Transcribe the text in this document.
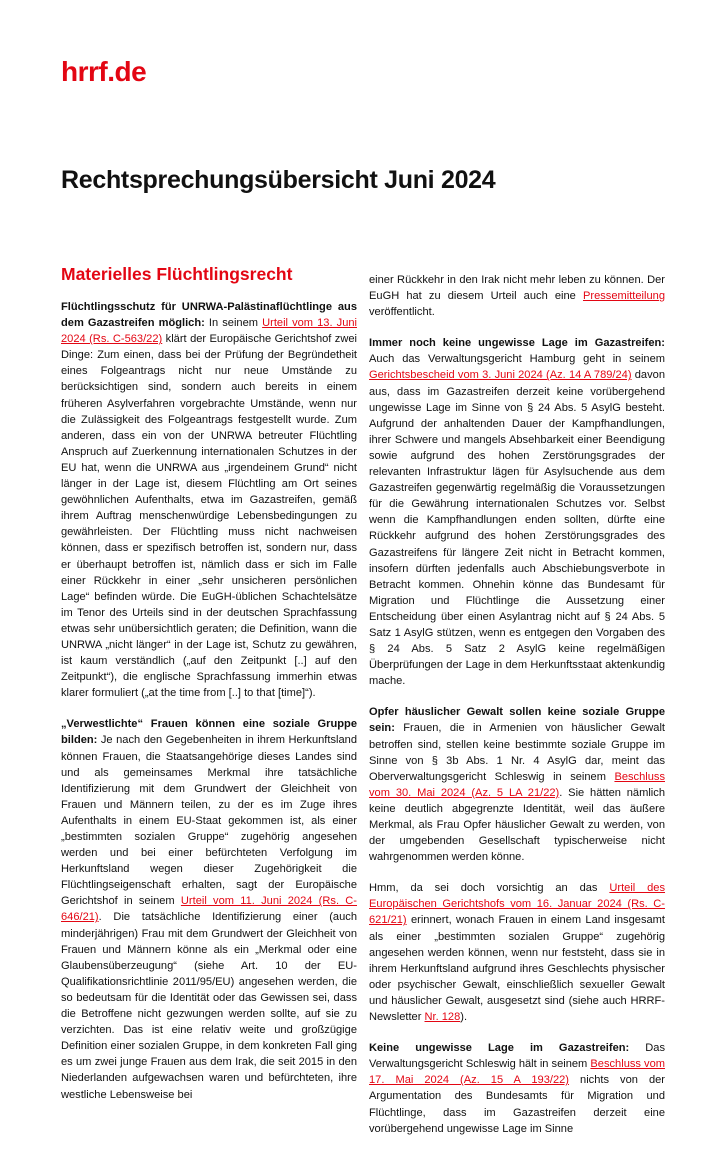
hrrf.de
Rechtsprechungsübersicht Juni 2024
Materielles Flüchtlingsrecht

Flüchtlingsschutz für UNRWA-Palästinaflüchtlinge aus dem Gazastreifen möglich: In seinem Urteil vom 13. Juni 2024 (Rs. C-563/22) klärt der Europäische Gerichtshof zwei Dinge: Zum einen, dass bei der Prüfung der Begründetheit eines Folgeantrags nicht nur neue Umstände zu berücksichtigen sind, sondern auch bereits in einem früheren Asylverfahren vorgebrachte Umstände, wenn nur die Zulässigkeit des Folgeantrags festgestellt wurde. Zum anderen, dass ein von der UNRWA betreuter Flüchtling Anspruch auf Zuerkennung internationalen Schutzes in der EU hat, wenn die UNRWA aus „irgendeinem Grund“ nicht länger in der Lage ist, diesem Flüchtling am Ort seines gewöhnlichen Aufenthalts, etwa im Gazastreifen, gemäß ihrem Auftrag menschenwürdige Lebensbedingungen zu gewährleisten. Der Flüchtling muss nicht nachweisen können, dass er spezifisch betroffen ist, sondern nur, dass er überhaupt betroffen ist, nämlich dass er sich im Falle einer Rückkehr in einer „sehr unsicheren persönlichen Lage“ befinden würde. Die EuGH-üblichen Schachtelsätze im Tenor des Urteils sind in der deutschen Sprachfassung etwas sehr unübersichtlich geraten; die Definition, wann die UNRWA „nicht länger“ in der Lage ist, Schutz zu gewähren, ist kaum verständlich („auf den Zeitpunkt [..] auf den Zeitpunkt“), die englische Sprachfassung immerhin etwas klarer formuliert („at the time from [..] to that [time]“).

„Verwestlichte“ Frauen können eine soziale Gruppe bilden: Je nach den Gegebenheiten in ihrem Herkunftsland können Frauen, die Staatsangehörige dieses Landes sind und als gemeinsames Merkmal ihre tatsächliche Identifizierung mit dem Grundwert der Gleichheit von Frauen und Männern teilen, zu der es im Zuge ihres Aufenthalts in einem EU-Staat gekommen ist, als einer „bestimmten sozialen Gruppe“ zugehörig angesehen werden und bei einer befürchteten Verfolgung im Herkunftsland wegen dieser Zugehörigkeit die Flüchtlingseigenschaft erhalten, sagt der Europäische Gerichtshof in seinem Urteil vom 11. Juni 2024 (Rs. C-646/21). Die tatsächliche Identifizierung einer (auch minderjährigen) Frau mit dem Grundwert der Gleichheit von Frauen und Männern könne als ein „Merkmal oder eine Glaubensüberzeugung“ (siehe Art. 10 der EU-Qualifikationsrichtlinie 2011/95/EU) angesehen werden, die so bedeutsam für die Identität oder das Gewissen sei, dass die Betroffene nicht gezwungen werden sollte, auf sie zu verzichten. Das ist eine relativ weite und großzügige Definition einer sozialen Gruppe, in dem konkreten Fall ging es um zwei junge Frauen aus dem Irak, die seit 2015 in den Niederlanden aufgewachsen waren und befürchteten, ihre westliche Lebensweise bei

einer Rückkehr in den Irak nicht mehr leben zu können. Der EuGH hat zu diesem Urteil auch eine Pressemitteilung veröffentlicht.

Immer noch keine ungewisse Lage im Gazastreifen: Auch das Verwaltungsgericht Hamburg geht in seinem Gerichtsbescheid vom 3. Juni 2024 (Az. 14 A 789/24) davon aus, dass im Gazastreifen derzeit keine vorübergehend ungewisse Lage im Sinne von § 24 Abs. 5 AsylG besteht. Aufgrund der anhaltenden Dauer der Kampfhandlungen, ihrer Schwere und mangels Absehbarkeit einer Beendigung sowie aufgrund des hohen Zerstörungsgrades der relevanten Infrastruktur lägen für Asylsuchende aus dem Gazastreifen gegenwärtig regelmäßig die Voraussetzungen für die Gewährung internationalen Schutzes vor. Selbst wenn die Kampfhandlungen enden sollten, dürfte eine Rückkehr aufgrund des hohen Zerstörungsgrades des Gazastreifens für längere Zeit nicht in Betracht kommen, insofern dürften jedenfalls auch Abschiebungsverbote in Betracht kommen. Ohnehin könne das Bundesamt für Migration und Flüchtlinge die Aussetzung einer Entscheidung über einen Asylantrag nicht auf § 24 Abs. 5 Satz 1 AsylG stützen, wenn es entgegen den Vorgaben des § 24 Abs. 5 Satz 2 AsylG keine regelmäßigen Überprüfungen der Lage in dem Herkunftsstaat aktenkundig mache.

Opfer häuslicher Gewalt sollen keine soziale Gruppe sein: Frauen, die in Armenien von häuslicher Gewalt betroffen sind, stellen keine bestimmte soziale Gruppe im Sinne von § 3b Abs. 1 Nr. 4 AsylG dar, meint das Oberverwaltungsgericht Schleswig in seinem Beschluss vom 30. Mai 2024 (Az. 5 LA 21/22). Sie hätten nämlich keine deutlich abgegrenzte Identität, weil das äußere Merkmal, als Frau Opfer häuslicher Gewalt zu werden, von der umgebenden Gesellschaft typischerweise nicht wahrgenommen werden könne.

Hmm, da sei doch vorsichtig an das Urteil des Europäischen Gerichtshofs vom 16. Januar 2024 (Rs. C-621/21) erinnert, wonach Frauen in einem Land insgesamt als einer „bestimmten sozialen Gruppe“ zugehörig angesehen werden können, wenn nur feststeht, dass sie in ihrem Herkunftsland aufgrund ihres Geschlechts physischer oder psychischer Gewalt, einschließlich sexueller Gewalt und häuslicher Gewalt, ausgesetzt sind (siehe auch HRRF-Newsletter Nr. 128).

Keine ungewisse Lage im Gazastreifen: Das Verwaltungsgericht Schleswig hält in seinem Beschluss vom 17. Mai 2024 (Az. 15 A 193/22) nichts von der Argumentation des Bundesamts für Migration und Flüchtlinge, dass im Gazastreifen derzeit eine vorübergehend ungewisse Lage im Sinne
